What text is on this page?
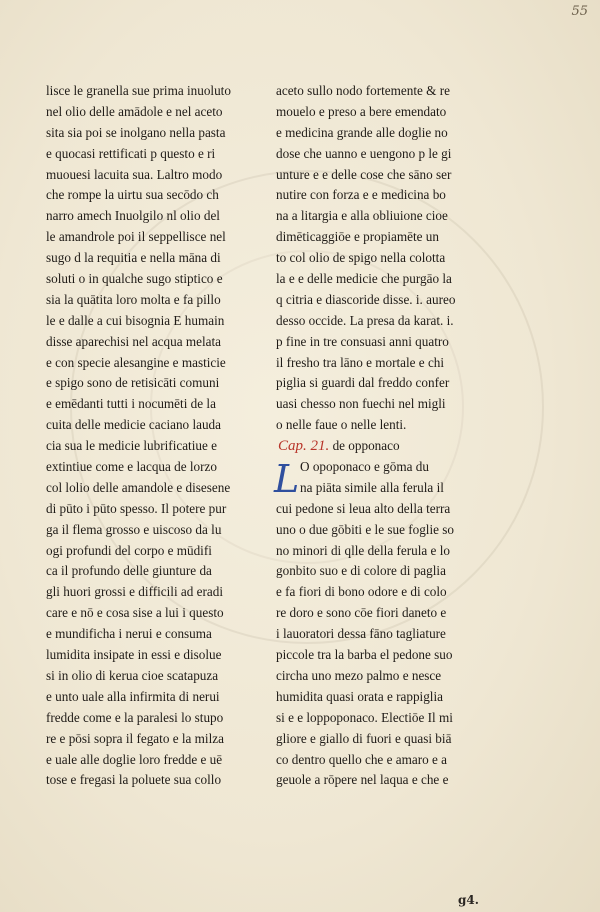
55
lisce le granella sue prima inuoluto
nel olio delle amādole e nel aceto
sita sia poi se inolgano nella pasta
e quocasi rettificati p questo e ri
muouesi lacuita sua. Laltro modo
che rompe la uirtu sua secōdo ch
narro amech Inuolgilo nl olio del
le amandrole poi il seppellisce nel
sugo d la requitia e nella māna di
soluti o in qualche sugo stiptico e
sia la quātita loro molta e fa pillo
le e dalle a cui bisognia E humain
disse aparechisi nel acqua melata
e con specie alesangine e masticie
e spigo sono de retisicāti comuni
e emēdanti tutti i nocumēti de la
cuita delle medicie caciano lauda
cia sua le medicie lubrificatiue e
extintiue come e lacqua de lorzo
col lolio delle amandole e disesene
di pūto i pūto spesso. Il potere pur
ga il flema grosso e uiscoso da lu
ogi profundi del corpo e mūdifi
ca il profundo delle giunture da
gli huori grossi e difficili ad eradi
care e nō e cosa sise a lui i questo
e mundificha i nerui e consuma
lumidita insipate in essi e disolue
si in olio di kerua cioe scatapuza
e unto uale alla infirmita di nerui
fredde come e la paralesi lo stupo
re e pōsi sopra il fegato e la milza
e uale alle doglie loro fredde e uē
tose e fregasi la poluete sua collo
aceto sullo nodo fortemente & re
mouelo e preso a bere emendato
e medicina grande alle doglie no
dose che uanno e uengono p le gi
unture e e delle cose che sāno ser
nutire con forza e e medicina bo
na a litargia e alla obliuione cioe
dimēticaggiōe e propiamēte un
to col olio de spigo nella colotta
la e e delle medicie che purgāo la
q citria e diascoride disse. i. aureo
desso occide. La presa da karat. i.
p fine in tre consuasi anni quatro
il fresho tra lāno e mortale e chi
piglia si guardi dal freddo confer
uasi chesso non fuechi nel migli
o nelle faue o nelle lenti.
Cap. 21. de opponaco
L O opoponaco e gōma du
na piāta simile alla ferula il
cui pedone si leua alto della terra
uno o due gōbiti e le sue foglie so
no minori di qlle della ferula e lo
gonbito suo e di colore di paglia
e fa fiori di bono odore e di colo
re doro e sono cōe fiori daneto e
i lauoratori dessa fāno tagliature
piccole tra la barba el pedone suo
circha uno mezo palmo e nesce
humidita quasi orata e rappiglia
si e e loppoponaco. Electiōe Il mi
gliore e giallo di fuori e quasi biā
co dentro quello che e amaro e a
geuole a rōpere nel laqua e che e
g4.
